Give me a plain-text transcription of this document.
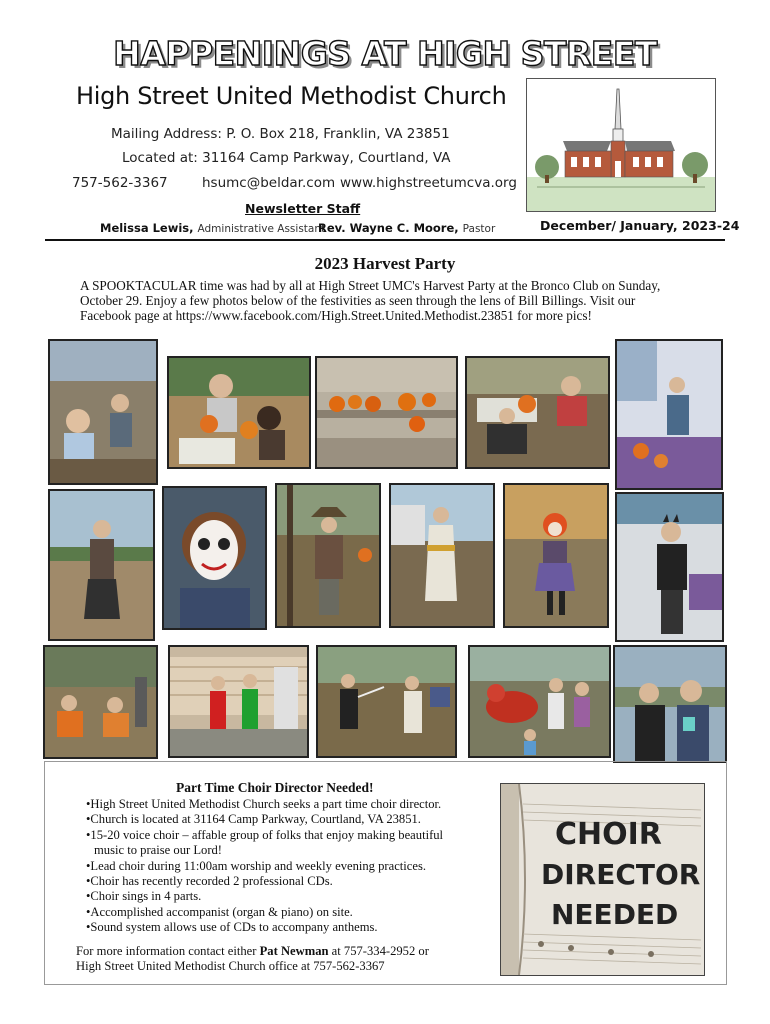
HAPPENINGS AT HIGH STREET
High Street United Methodist Church
Mailing Address: P. O. Box 218, Franklin, VA 23851
Located at: 31164 Camp Parkway, Courtland, VA
757-562-3367	hsumc@beldar.com www.highstreetumcva.org
Newsletter Staff
Melissa Lewis, Administrative Assistant
Rev. Wayne C. Moore, Pastor	December/ January, 2023-24
2023 Harvest Party
A SPOOKTACULAR time was had by all at High Street UMC's Harvest Party at the Bronco Club on Sunday, October 29. Enjoy a few photos below of the festivities as seen through the lens of Bill Billings. Visit our Facebook page at https://www.facebook.com/High.Street.United.Methodist.23851 for more pics!
Part Time Choir Director Needed!
•High Street United Methodist Church seeks a part time choir director.
•Church is located at 31164 Camp Parkway, Courtland, VA 23851.
•15-20 voice choir – affable group of folks that enjoy making beautiful
music to praise our Lord!
•Lead choir during 11:00am worship and weekly evening practices.
•Choir has recently recorded 2 professional CDs.
•Choir sings in 4 parts.
•Accomplished accompanist (organ & piano) on site.
•Sound system allows use of CDs to accompany anthems.
For more information contact either Pat Newman at 757-334-2952 or
High Street United Methodist Church office at 757-562-3367
CHOIR
DIRECTOR
NEEDED
